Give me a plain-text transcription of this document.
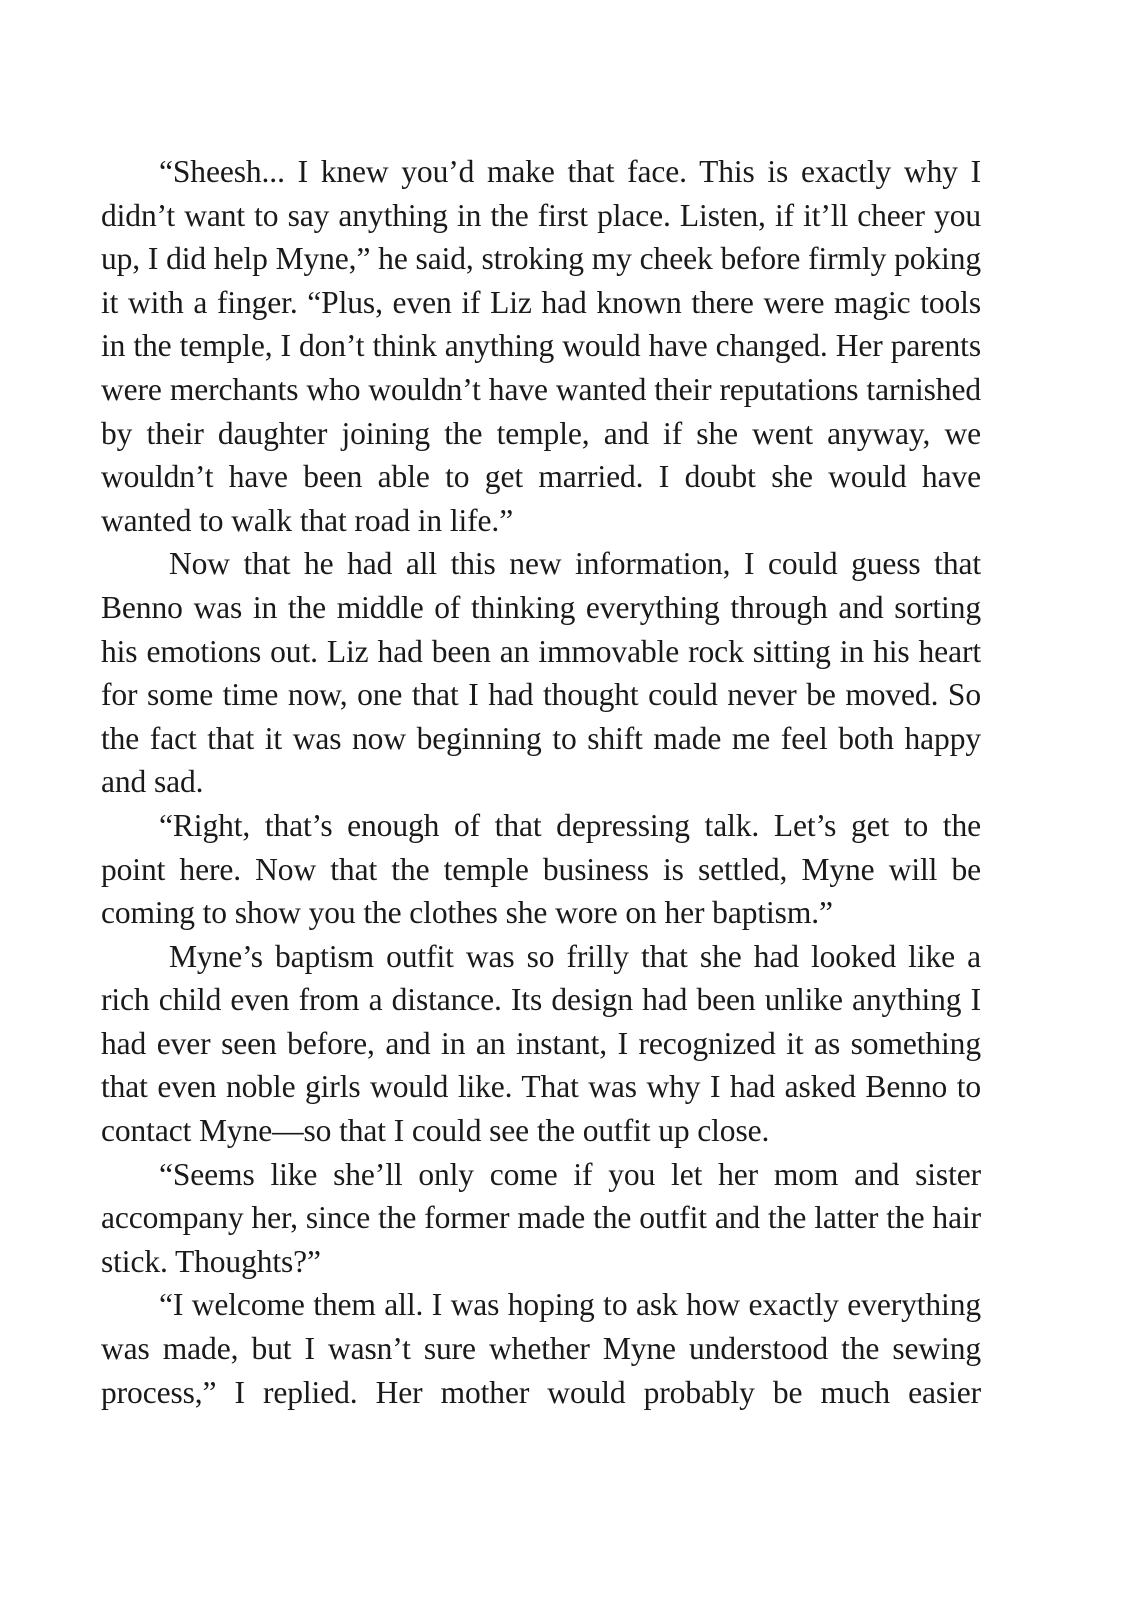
“Sheesh... I knew you’d make that face. This is exactly why I didn’t want to say anything in the first place. Listen, if it’ll cheer you up, I did help Myne,” he said, stroking my cheek before firmly poking it with a finger. “Plus, even if Liz had known there were magic tools in the temple, I don’t think anything would have changed. Her parents were merchants who wouldn’t have wanted their reputations tarnished by their daughter joining the temple, and if she went anyway, we wouldn’t have been able to get married. I doubt she would have wanted to walk that road in life.”

Now that he had all this new information, I could guess that Benno was in the middle of thinking everything through and sorting his emotions out. Liz had been an immovable rock sitting in his heart for some time now, one that I had thought could never be moved. So the fact that it was now beginning to shift made me feel both happy and sad.

“Right, that’s enough of that depressing talk. Let’s get to the point here. Now that the temple business is settled, Myne will be coming to show you the clothes she wore on her baptism.”

Myne’s baptism outfit was so frilly that she had looked like a rich child even from a distance. Its design had been unlike anything I had ever seen before, and in an instant, I recognized it as something that even noble girls would like. That was why I had asked Benno to contact Myne—so that I could see the outfit up close.

“Seems like she’ll only come if you let her mom and sister accompany her, since the former made the outfit and the latter the hair stick. Thoughts?”

“I welcome them all. I was hoping to ask how exactly everything was made, but I wasn’t sure whether Myne understood the sewing process,” I replied. Her mother would probably be much easier
